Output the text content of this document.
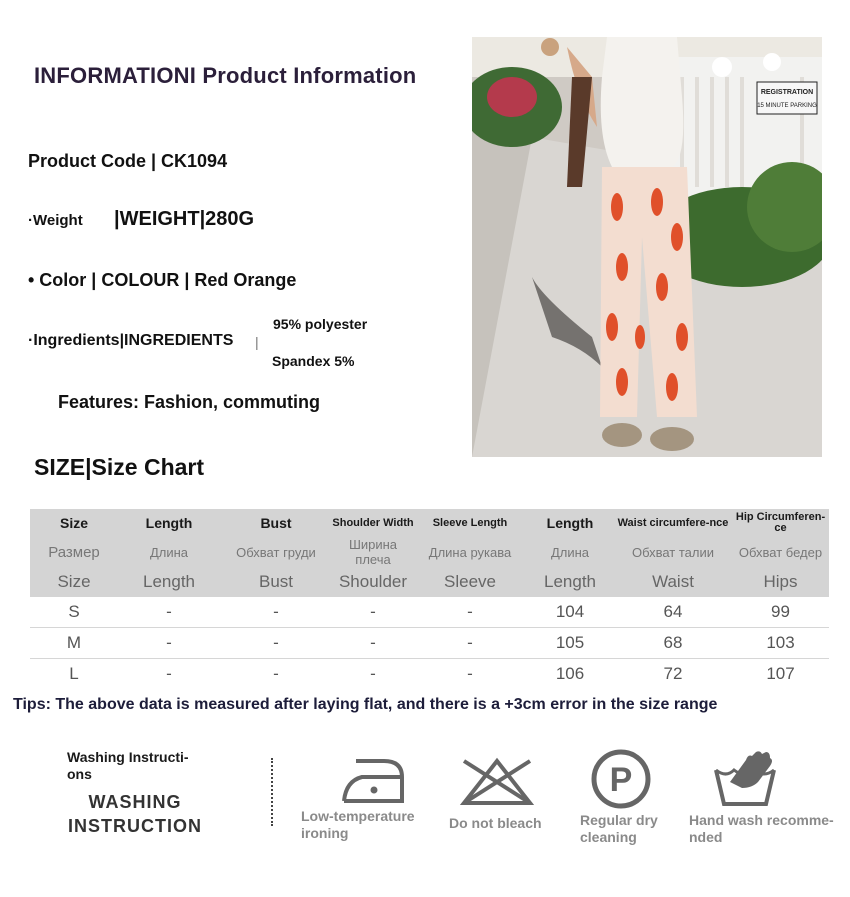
INFORMATIONI Product Information
Product Code | CK1094
·Weight |WEIGHT|280G
• Color | COLOUR | Red Orange
·Ingredients|INGREDIENTS |
95% polyester
Spandex 5%
Features: Fashion, commuting
REGISTRATION
15 MINUTE PARKING
SIZE|Size Chart
Size	Length	Bust	Shoulder Width	Sleeve Length	Length	Waist circumfere-nce	Hip Circumferen-ce
Размер	Длина	Обхват груди	Ширина плеча	Длина рукава	Длина	Обхват талии	Обхват бедер
Size	Length	Bust	Shoulder	Sleeve	Length	Waist	Hips
S	-	-	-	-	104	64	99
M	-	-	-	-	105	68	103
L	-	-	-	-	106	72	107
Tips: The above data is measured after laying flat, and there is a +3cm error in the size range
Washing Instructi-ons
WASHING
INSTRUCTION	Low-temperature ironing
Do not bleach
P
Regular dry cleaning
Hand wash recomme-nded
